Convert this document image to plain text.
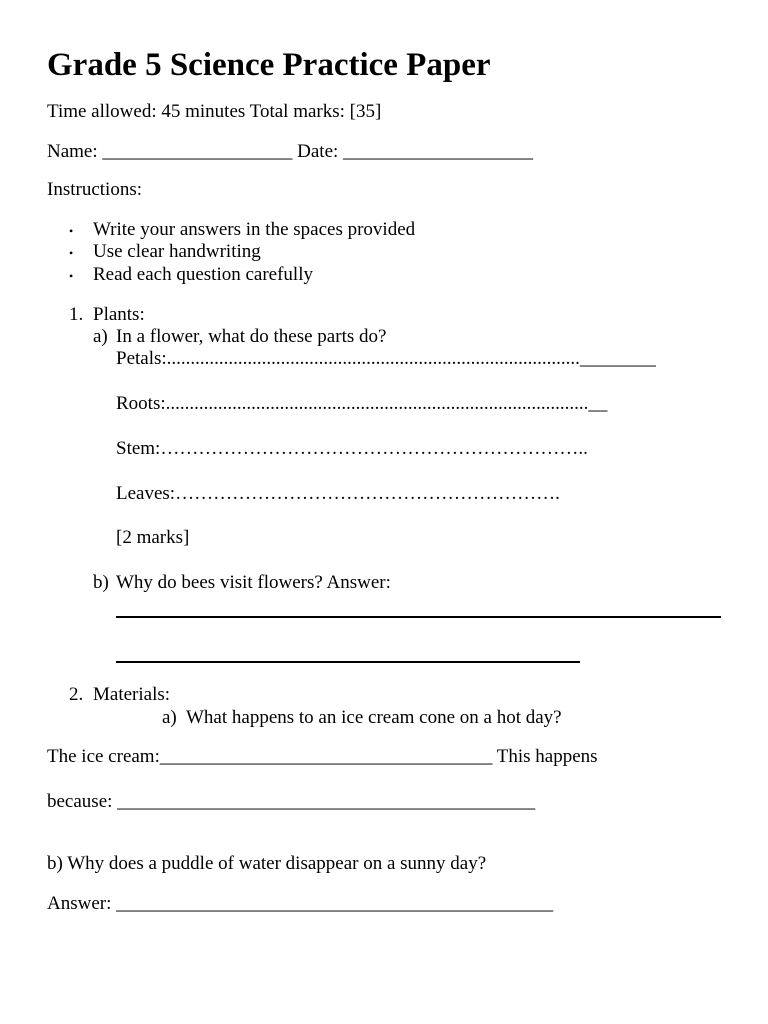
Grade 5 Science Practice Paper
Time allowed: 45 minutes Total marks: [35]
Name: ____________________ Date: ____________________
Instructions:
• Write your answers in the spaces provided
• Use clear handwriting
• Read each question carefully
1. Plants:
a) In a flower, what do these parts do?
Petals:.......................................................................................________
Roots:.........................................................................................__
Stem:…………………………………………………………..
Leaves:…………………………………………………….
[2 marks]
b) Why do bees visit flowers? Answer:
2. Materials:
a) What happens to an ice cream cone on a hot day?
The ice cream:___________________________________ This happens
because: ____________________________________________
b) Why does a puddle of water disappear on a sunny day?
Answer: ______________________________________________
